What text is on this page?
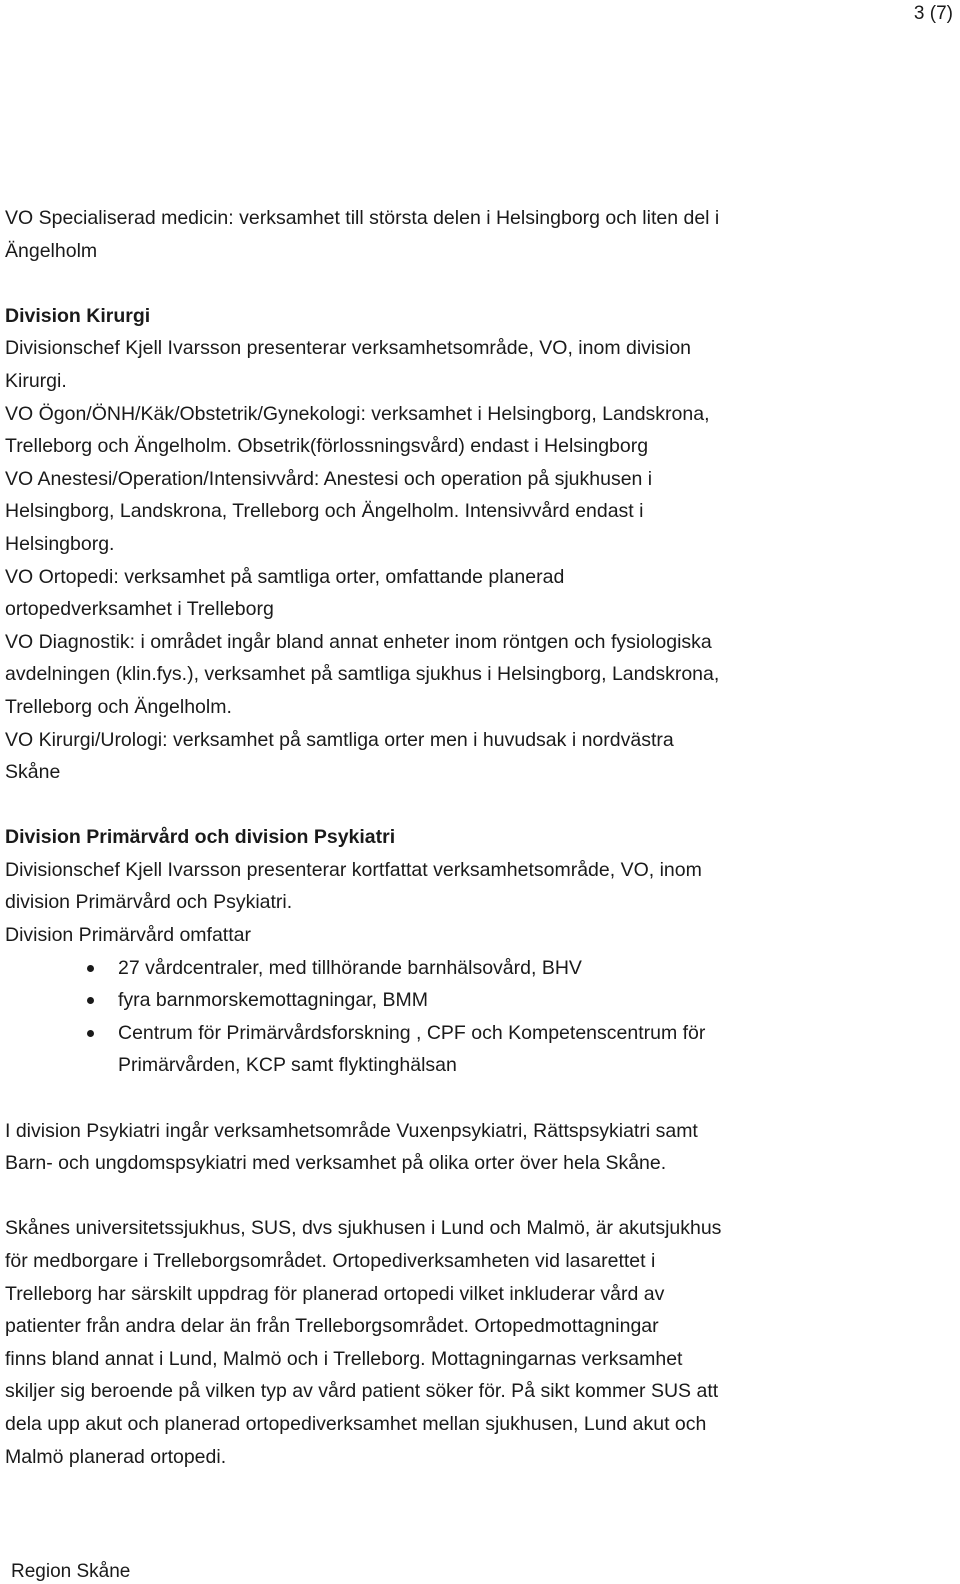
3 (7)
VO Specialiserad medicin: verksamhet till största delen i Helsingborg och liten del i
Ängelholm
Division Kirurgi
Divisionschef Kjell Ivarsson presenterar verksamhetsområde, VO, inom division
Kirurgi.
VO Ögon/ÖNH/Käk/Obstetrik/Gynekologi: verksamhet i Helsingborg, Landskrona,
Trelleborg och Ängelholm. Obsetrik(förlossningsvård) endast i Helsingborg
VO Anestesi/Operation/Intensivvård: Anestesi och operation på sjukhusen i
Helsingborg, Landskrona, Trelleborg och Ängelholm. Intensivvård endast i
Helsingborg.
VO Ortopedi: verksamhet på samtliga orter, omfattande planerad
ortopedverksamhet i Trelleborg
VO Diagnostik: i området ingår bland annat enheter inom röntgen och fysiologiska
avdelningen (klin.fys.), verksamhet på samtliga sjukhus i Helsingborg, Landskrona,
Trelleborg och Ängelholm.
VO Kirurgi/Urologi: verksamhet på samtliga orter men i huvudsak i nordvästra
Skåne
Division Primärvård och division Psykiatri
Divisionschef Kjell Ivarsson presenterar kortfattat verksamhetsområde, VO, inom
division Primärvård och Psykiatri.
Division Primärvård omfattar
27 vårdcentraler, med tillhörande barnhälsovård, BHV
fyra barnmorskemottagningar, BMM
Centrum för Primärvårdsforskning , CPF och Kompetenscentrum för
Primärvården, KCP samt flyktinghälsan
I division Psykiatri ingår verksamhetsområde Vuxenpsykiatri, Rättspsykiatri samt
Barn- och ungdomspsykiatri med verksamhet på olika orter över hela Skåne.
Skånes universitetssjukhus, SUS, dvs sjukhusen i Lund och Malmö, är akutsjukhus
för medborgare i Trelleborgsområdet. Ortopediverksamheten vid lasarettet i
Trelleborg har särskilt uppdrag för planerad ortopedi vilket inkluderar vård av
patienter från andra delar än från Trelleborgsområdet. Ortopedmottagningar
finns bland annat i Lund, Malmö och i Trelleborg. Mottagningarnas verksamhet
skiljer sig beroende på vilken typ av vård patient söker för. På sikt kommer SUS att
dela upp akut och planerad ortopediverksamhet mellan sjukhusen, Lund akut och
Malmö planerad ortopedi.
Region Skåne
